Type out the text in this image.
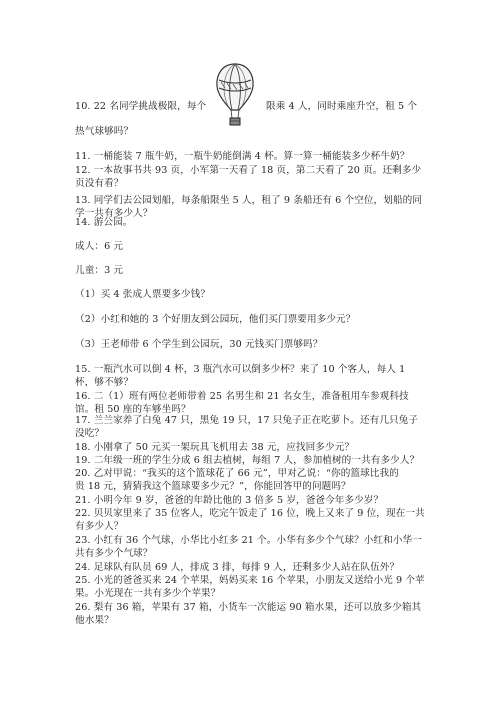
10. 22 名同学挑战极限，每个	限乘 4 人，同时乘座升空，租 5 个
热气球够吗？
11. 一桶能装 7 瓶牛奶，一瓶牛奶能倒满 4 杯。算一算一桶能装多少杯牛奶？
12. 一本故事书共 93 页，小军第一天看了 18 页，第二天看了 20 页。还剩多少
页没有看？
13. 同学们去公园划船，每条船限坐 5 人，租了 9 条船还有 6 个空位，划船的同
学一共有多少人？
14. 游公园。
成人：6 元
儿童：3 元
（1）买 4 张成人票要多少钱？
（2）小红和她的 3 个好朋友到公园玩，他们买门票要用多少元？
（3）王老师带 6 个学生到公园玩，30 元钱买门票够吗？
15. 一瓶汽水可以倒 4 杯，3 瓶汽水可以倒多少杯？来了 10 个客人，每人 1
杯，够不够？
16. 二（1）班有两位老师带着 25 名男生和 21 名女生，准备租用车参观科技
馆。租 50 座的车够坐吗？
17. 兰兰家养了白兔 47 只，黑兔 19 只，17 只兔子正在吃萝卜。还有几只兔子
没吃？
18. 小刚拿了 50 元买一架玩具飞机用去 38 元，应找回多少元？
19. 二年级一班的学生分成 6 组去植树，每组 7 人，参加植树的一共有多少人？
20. 乙对甲说：“我买的这个篮球花了 66 元”，甲对乙说：“你的篮球比我的
贵 18 元，猜猜我这个篮球要多少元？”，你能回答甲的问题吗？
21. 小明今年 9 岁，爸爸的年龄比他的 3 倍多 5 岁，爸爸今年多少岁？
22. 贝贝家里来了 35 位客人，吃完午饭走了 16 位，晚上又来了 9 位，现在一共
有多少人？
23. 小红有 36 个气球，小华比小红多 21 个。小华有多少个气球？小红和小华一
共有多少个气球？
24. 足球队有队员 69 人，排成 3 排，每排 9 人，还剩多少人站在队伍外？
25. 小光的爸爸买来 24 个苹果，妈妈买来 16 个苹果，小朋友又送给小光 9 个苹
果。小光现在一共有多少个苹果？
26. 梨有 36 箱，苹果有 37 箱，小货车一次能运 90 箱水果，还可以放多少箱其
他水果？
